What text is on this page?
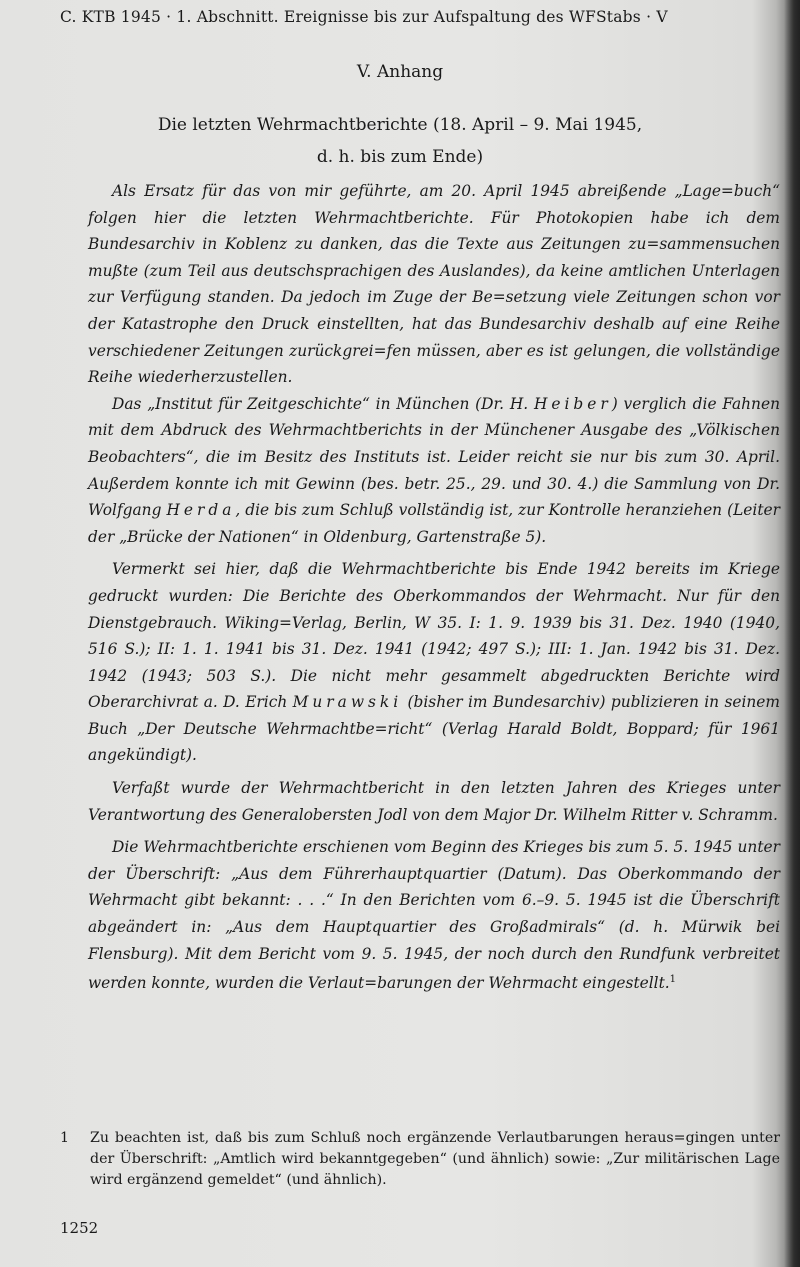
C. KTB 1945 · 1. Abschnitt. Ereignisse bis zur Aufspaltung des WFStabs · V
V. Anhang
Die letzten Wehrmachtberichte (18. April – 9. Mai 1945,
d. h. bis zum Ende)

Als Ersatz für das von mir geführte, am 20. April 1945 abreißende „Lage=buch“ folgen hier die letzten Wehrmachtberichte. Für Photokopien habe ich dem Bundesarchiv in Koblenz zu danken, das die Texte aus Zeitungen zu=sammensuchen mußte (zum Teil aus deutschsprachigen des Auslandes), da keine amtlichen Unterlagen zur Verfügung standen. Da jedoch im Zuge der Be=setzung viele Zeitungen schon vor der Katastrophe den Druck einstellten, hat das Bundesarchiv deshalb auf eine Reihe verschiedener Zeitungen zurückgrei=fen müssen, aber es ist gelungen, die vollständige Reihe wiederherzustellen.

Das „Institut für Zeitgeschichte“ in München (Dr. H. Heiber) verglich die Fahnen mit dem Abdruck des Wehrmachtberichts in der Münchener Ausgabe des „Völkischen Beobachters“, die im Besitz des Instituts ist. Leider reicht sie nur bis zum 30. April. Außerdem konnte ich mit Gewinn (bes. betr. 25., 29. und 30. 4.) die Sammlung von Dr. Wolfgang Herda, die bis zum Schluß vollständig ist, zur Kontrolle heranziehen (Leiter der „Brücke der Nationen“ in Oldenburg, Gartenstraße 5).

Vermerkt sei hier, daß die Wehrmachtberichte bis Ende 1942 bereits im Kriege gedruckt wurden: Die Berichte des Oberkommandos der Wehrmacht. Nur für den Dienstgebrauch. Wiking=Verlag, Berlin, W 35. I: 1. 9. 1939 bis 31. Dez. 1940 (1940, 516 S.); II: 1. 1. 1941 bis 31. Dez. 1941 (1942; 497 S.); III: 1. Jan. 1942 bis 31. Dez. 1942 (1943; 503 S.). Die nicht mehr gesammelt abgedruckten Berichte wird Oberarchivrat a. D. Erich Murawski (bisher im Bundesarchiv) publizieren in seinem Buch „Der Deutsche Wehrmachtbe=richt“ (Verlag Harald Boldt, Boppard; für 1961 angekündigt).

Verfaßt wurde der Wehrmachtbericht in den letzten Jahren des Krieges unter Verantwortung des Generalobersten Jodl von dem Major Dr. Wilhelm Ritter v. Schramm.

Die Wehrmachtberichte erschienen vom Beginn des Krieges bis zum 5. 5. 1945 unter der Überschrift: „Aus dem Führerhauptquartier (Datum). Das Oberkommando der Wehrmacht gibt bekannt: . . .“ In den Berichten vom 6.–9. 5. 1945 ist die Überschrift abgeändert in: „Aus dem Hauptquartier des Großadmirals“ (d. h. Mürwik bei Flensburg). Mit dem Bericht vom 9. 5. 1945, der noch durch den Rundfunk verbreitet werden konnte, wurden die Verlaut=barungen der Wehrmacht eingestellt.$^1$

1 Zu beachten ist, daß bis zum Schluß noch ergänzende Verlautbarungen heraus=gingen unter der Überschrift: „Amtlich wird bekanntgegeben“ (und ähnlich) sowie: „Zur militärischen Lage wird ergänzend gemeldet“ (und ähnlich).
1252
